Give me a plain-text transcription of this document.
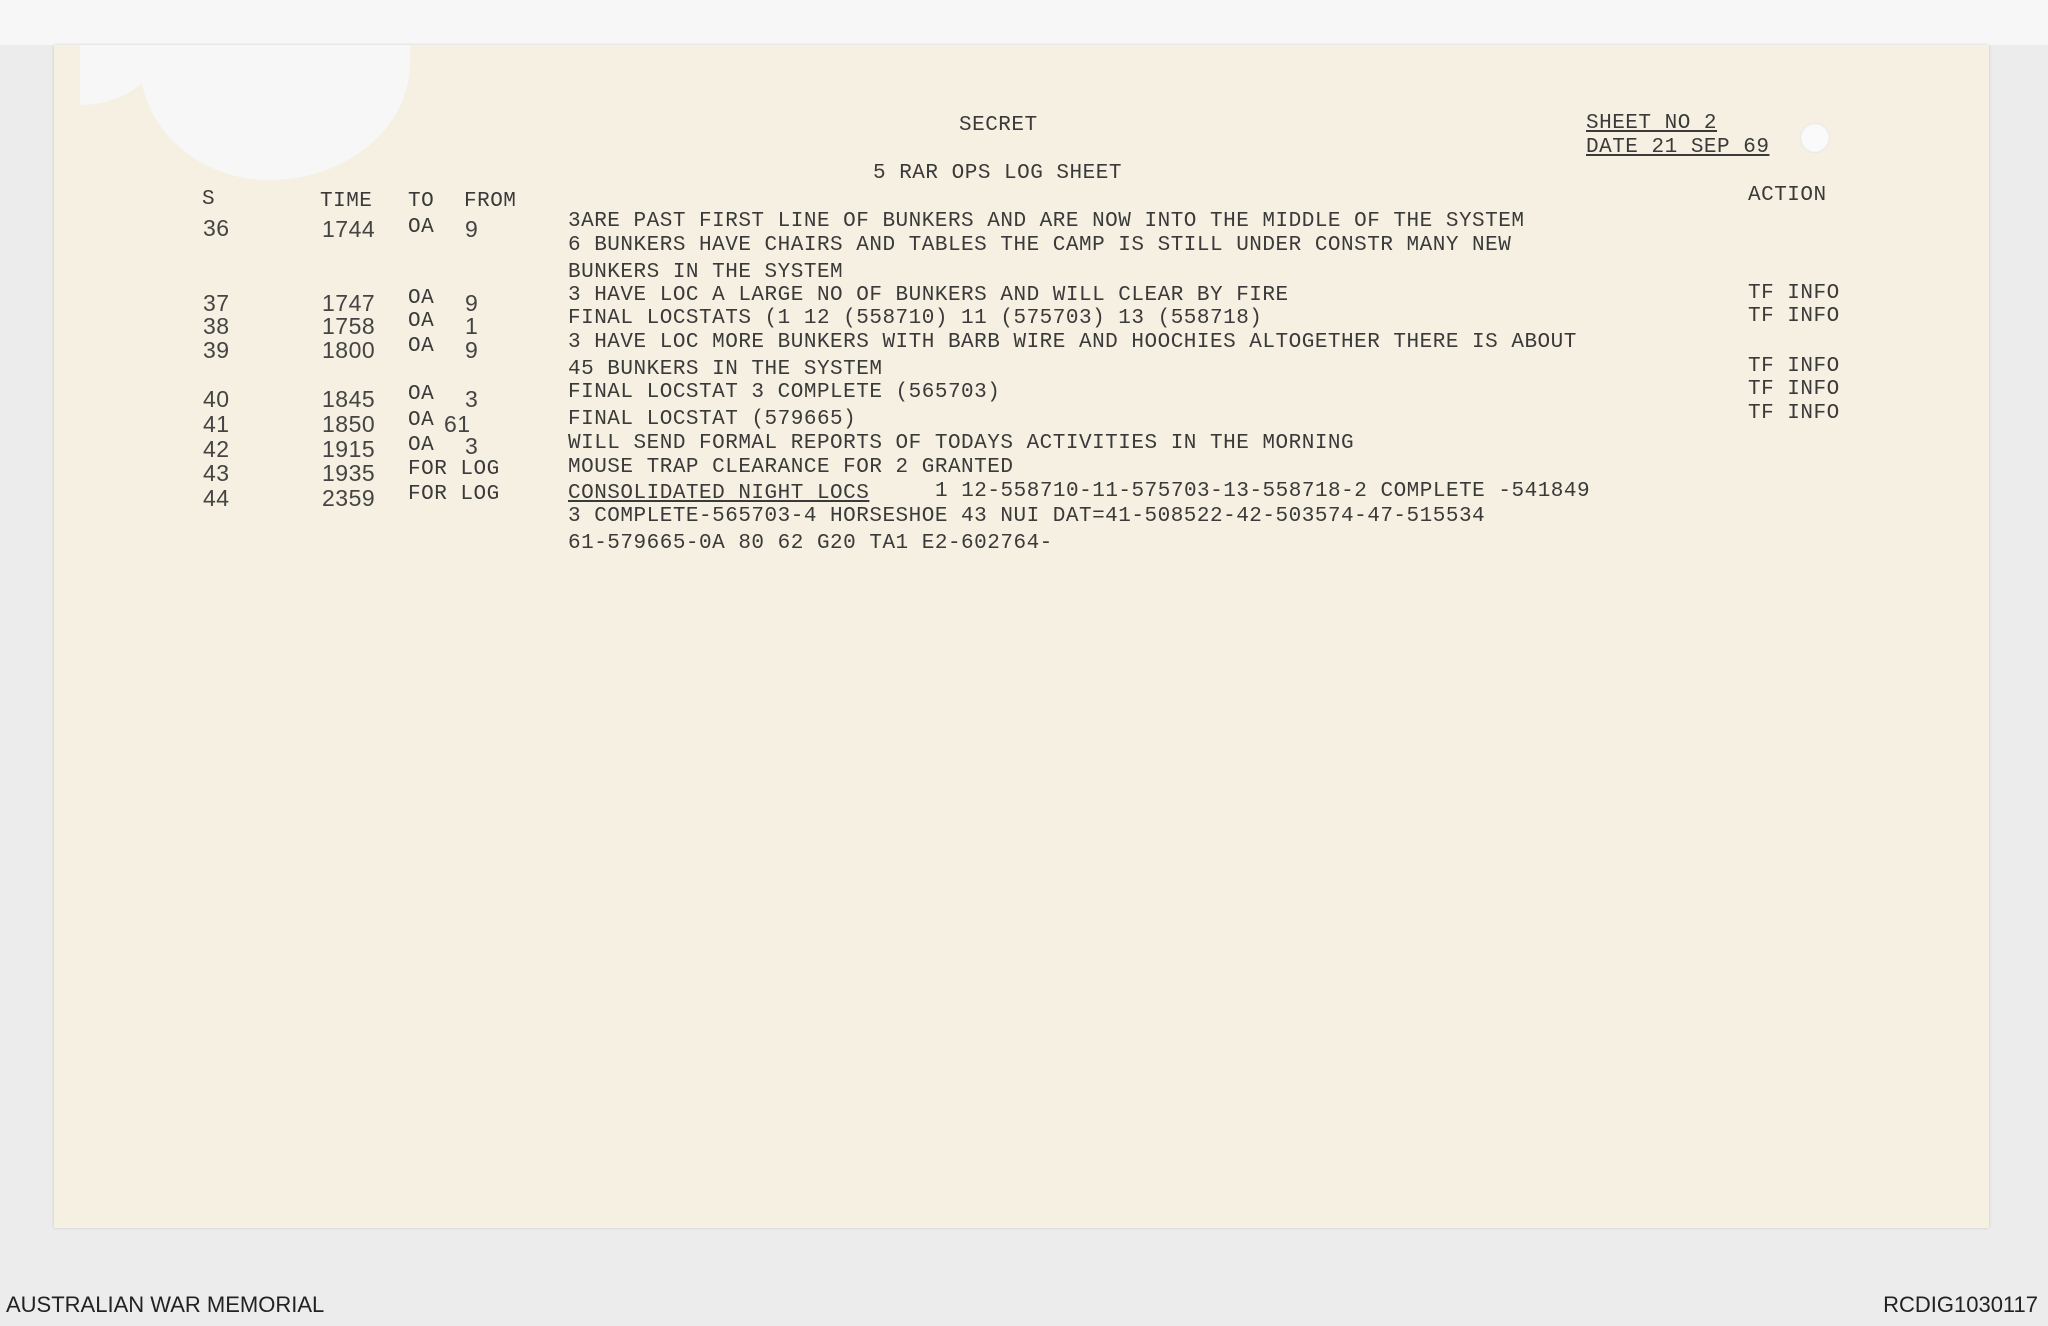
SECRET
5 RAR OPS LOG SHEET
SHEET NO 2
DATE 21 SEP 69
S	TIME TO FROM	ACTION
36	1744 OA 9	3ARE PAST FIRST LINE OF BUNKERS AND ARE NOW INTO THE MIDDLE OF THE SYSTEM
6 BUNKERS HAVE CHAIRS AND TABLES THE CAMP IS STILL UNDER CONSTR MANY NEW
BUNKERS IN THE SYSTEM
37	1747 OA 9	3 HAVE LOC A LARGE NO OF BUNKERS AND WILL CLEAR BY FIRE	TF INFO
38	1758 OA 1	FINAL LOCSTATS (1 12 (558710) 11 (575703) 13 (558718)	TF INFO
39	1800 OA 9	3 HAVE LOC MORE BUNKERS WITH BARB WIRE AND HOOCHIES ALTOGETHER THERE IS ABOUT
45 BUNKERS IN THE SYSTEM	TF INFO
40	1845 OA 3	FINAL LOCSTAT 3 COMPLETE (565703)	TF INFO
41	1850 OA 61	FINAL LOCSTAT (579665)	TF INFO
42	1915 OA 3	WILL SEND FORMAL REPORTS OF TODAYS ACTIVITIES IN THE MORNING
43	1935 FOR LOG	MOUSE TRAP CLEARANCE FOR 2 GRANTED
44	2359 FOR LOG	CONSOLIDATED NIGHT LOCS	1 12-558710-11-575703-13-558718-2 COMPLETE -541849
3 COMPLETE-565703-4 HORSESHOE 43 NUI DAT=41-508522-42-503574-47-515534
61-579665-0A 80 62 G20 TA1 E2-602764-
AUSTRALIAN WAR MEMORIAL	RCDIG1030117
